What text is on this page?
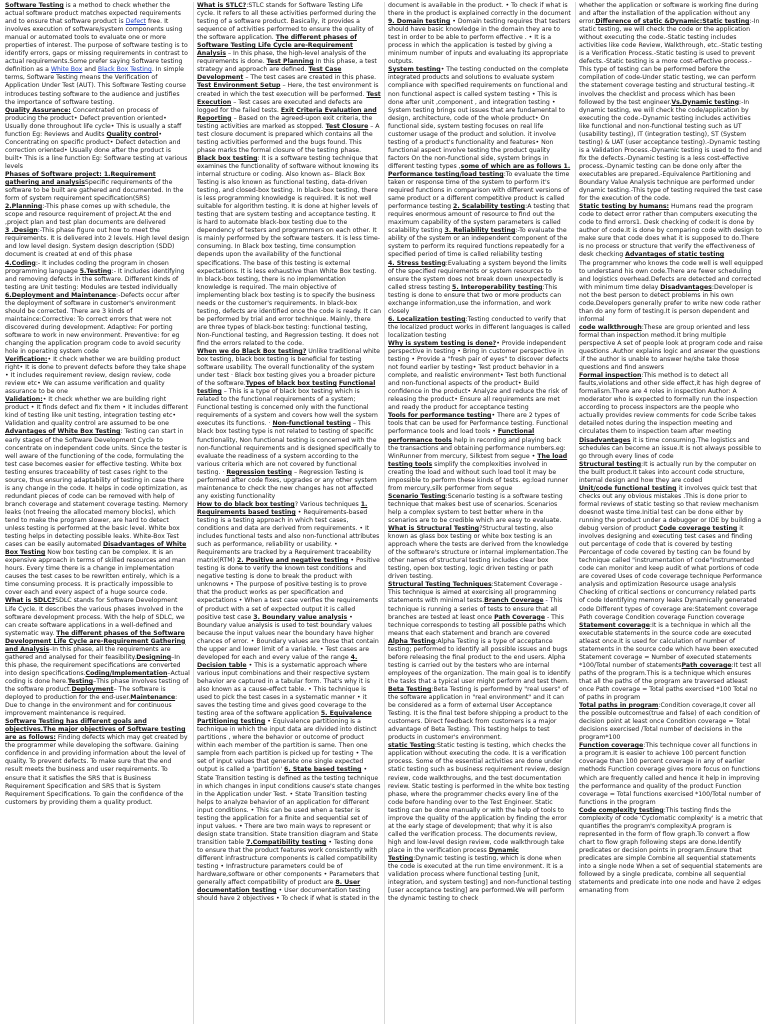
Software Testing is a method to check whether the actual software product matches expected requirements and to ensure that software product is Defect free. It involves execution of software/system components using manual or automated tools to evaluate one or more properties of interest. The purpose of software testing is to identify errors, gaps or missing requirements in contrast to actual requirements.Some prefer saying Software testing definition as a White Box and Black Box Testing. In simple terms, Software Testing means the Verification of Application Under Test (AUT). This Software Testing course introduces testing software to the audience and justifies the importance of software testing.

Quality Assurance: Concentrated on process of producing the product• Defect prevention oriented• Usually done throughout life cycle• This is usually a staff function Eg: Reviews and Audits Quality control• Concentrating on specific product• Defect detection and correction oriented• Usually done after the product is built• This is a line function Eg: Software testing at various levels

Phases of Software project: 1.Requirement gathering and analysisSpecific requirements of the software to be built are gathered and documented. In the form of system requirement specification(SRS) 2.Planning:-This phase comes up with schedule, the scope and resource requirement of project.At the end ,project plan and test plan documents are delivered

3 .Design:-This phase figure out how to meet the requirements. It is delivered into 2 levels. High level design and low level design. System design description (SDD) document is created at end of this phase

4.Coding:- It includes coding the program in chosen programming language 5.Testing:- It includes identifying and removing defects in the software. Different kinds of testing are Unit testing: Modules are tested individually 6.Deployment and Maintenance:-Defects occur after the deployment of software in customer's environment should be corrected. There are 3 kinds of maintaince:Corrective: To correct errors that were not discovered during development. Adaptive: For porting software to work in new environment. Preventive: for eg changing the application program code to avoid security hole in operating system code

Verification:• It check whether we are building product right• It is done to prevent defects before they take shape • It includes requirement review, design review, code review etc• We can assume verification and quality assurance to be one

Validation:• It check whether we are building right product • It finds defect and fix them • It includes different kind of testing like unit testing, integration testing etc• Validation and quality control are assumed to be one

Advantages of White Box Testing: Testing can start in early stages of the Software Development Cycle to concentrate on independent code units. Since the tester is well aware of the functioning of the code, formulating the test case becomes easier for effective testing. White box testing ensures traceability of test cases right to the source, thus ensuring adaptability of testing in case there is any change in the code. It helps in code optimization, as redundant pieces of code can be removed with help of branch coverage and statement coverage testing. Memory leaks (not freeing the allocated memory blocks), which tend to make the program slower, are hard to detect unless testing is performed at the basic level. White box testing helps in detecting possible leaks. White-Box Test cases can be easily automated Disadvantages of White Box Testing Now box testing can be complex. It is an expensive approach in terms of skilled resources and man hours. Every time there is a change in implementation causes the test cases to be rewritten entirely, which is a time consuming process. It is practically impossible to cover each and every aspect of a huge source code.

What is SDLC?SDLC stands for Software Development Life Cycle. It describes the various phases involved in the software development process. With the help of SDLC, we can create software applications in a well-defined and systematic way. The different phases of the Software Development Life Cycle are-Requirement Gathering and Analysis–In this phase, all the requirements are gathered and analysed for their feasibility.Designing–In this phase, the requirement specifications are converted into design specifications.Coding/Implementation–Actual coding is done here.Testing–This phase involves testing of the software product.Deployment– The software is deployed to production for the end-user.Maintenance: Due to change in the environment and for continuous improvement maintenance is required.

Software Testing has different goals and objectives.The major objectives of Software testing are as follows: Finding defects which may get created by the programmer while developing the software. Gaining confidence in and providing information about the level of quality. To prevent defects. To make sure that the end result meets the business and user requirements. To ensure that it satisfies the SRS that is Business Requirement Specification and SRS that is System Requirement Specifications. To gain the confidence of the customers by providing them a quality product.

What is STLC?:STLC stands for Software Testing Life cycle. It refers to all these activities performed during the testing of a software product. Basically, it provides a sequence of activities performed to ensure the quality of the software application. The different phases of Software Testing Life Cycle are-Requirement Analysis – In this phase, the high-level analysis of the requirements is done. Test Planning In this phase, a test strategy and approach are defined. Test Case Development – The test cases are created in this phase. Test Environment Setup – Here, the test environment is created in which the test execution will be performed. Test Execution – Test cases are executed and defects are logged for the failed tests. Exit Criteria Evaluation and Reporting – Based on the agreed-upon exit criteria, the testing activities are marked as stopped. Test Closure – A test closure document is prepared which contains all the testing activities performed and the bugs found. This phase marks the formal closure of the testing phase.

Black box testing: It is a software testing technique that examines the functionality of software without knowing its internal structure or coding. Also known as– Black Box Testing is also known as functional testing, data-driven testing, and closed-box testing. In black-box testing, there is less programming knowledge is required. It is not well suitable for algorithm testing. It is done at higher levels of testing that are system testing and acceptance testing. It is hard to automate black-box testing due to the dependency of testers and programmers on each other. It is mainly performed by the software testers. It is less time-consuming. In Black box testing, time consumption depends upon the availability of the functional specifications. The base of this testing is external expectations. It is less exhaustive than White Box testing. In black-box testing, there is no implementation knowledge is required. The main objective of implementing black box testing is to specify the business needs or the customer's requirements. In black-box testing, defects are identified once the code is ready. It can be performed by trial and error technique. Mainly, there are three types of black-box testing: functional testing, Non-Functional testing, and Regression testing. It does not find the errors related to the code.

When we do Black Box testing? Unlike traditional white box testing, black box testing is beneficial for testing software usability. The overall functionality of the system under test · Black box testing gives you a broader picture of the software.Types of black box testing Functional testing – This is a type of black box testing which is related to the functional requirements of a system; Functional testing is concerned only with the functional requirements of a system and covers how well the system executes its functions. · Non-functional testing – This black box testing type is not related to testing of specific functionality, Non functional testing is concerned with the non-functional requirements and is designed specifically to evaluate the readiness of a system according to the various criteria which are not covered by functional testing. · Regression testing – Regression Testing is performed after code fixes, upgrades or any other system maintenance to check the new changes has not affected any existing functionality

How to do black box testing? Various techniques 1. Requirements based testing • Requirements-based testing is a testing approach in which test cases, conditions and data are derived from requirements. • It includes functional tests and also non-functional attributes such as performance, reliability or usability. • Requirements are tracked by a Requirement traceability matrix(RTM) 2. Positive and negative testing • Positive testing is done to verify the known test conditions and negative testing is done to break the product with unknowns • The purpose of positive testing is to prove that the product works as per specification and expectations • When a test case verifies the requirements of product with a set of expected output it is called positive test case 3. Boundary value analysis • Boundary value analysis is used to test boundary values because the input values near the boundary have higher chances of error. • Boundary values are those that contain the upper and lower limit of a variable. • Test cases are developed for each and every value of the range 4. Decision table • This is a systematic approach where various input combinations and their respective system behavior are captured in a tabular form. That's why it is also known as a cause-effect table. • This technique is used to pick the test cases in a systematic manner • it saves the testing time and gives good coverage to the testing area of the software application 5. Equivalence Partitioning testing • Equivalence partitioning is a technique in which the input data are divided into distinct partitions , where the behavior or outcome of product within each member of the partition is same. Then one sample from each partition is picked up for testing • The set of input values that generate one single expected output is called a 'partition' 6. State based testing • State Transition testing is defined as the testing technique in which changes in input conditions cause's state changes in the Application under Test. • State Transition testing helps to analyze behavior of an application for different input conditions. • This can be used when a tester is testing the application for a finite and sequential set of input values. • There are two main ways to represent or design state transition. State transition diagram and State transition table 7.Compatibility testing • Testing done to ensure that the product features work consistently with different infrastructure components is called compatibility testing • Infrastructure parameters could be of hardware,software or other components • Parameters that generally affect compatibility of product are 8. User documentation testing • User documentation testing should have 2 objectives • To check if what is stated in the

document is available in the product. • To check if what is there in the product is explained correctly in the document 9. Domain testing • Domain testing requires that testers should have basic knowledge in the domain they are to test in order to be able to perform effective . • It is a process in which the application is tested by giving a minimum number of inputs and evaluating its appropriate outputs.

System testing• The testing conducted on the complete integrated products and solutions to evaluate system compliance with specified requirements on functional and non functional aspect is called system testing • This is done after unit ,component , and integration testing • System testing brings out issues that are fundamental to design, architecture, code of the whole product• On functional side, system testing focuses on real life customer usage of the product and solution. it involve testing of a product's functionality and features• Non functional aspect involve testing the product quality factors On the non-functional side, system brings in different testing types ,some of which are as follows 1. Performance testing/load testing:To evaluate the time taken or response time of the system to perform it's required functions in comparison with different versions of same product or a different competitive product is called performance testing 2. Scalability testing:A testing that requires enormous amount of resource to find out the maximum capability of the system parameters is called scalability testing 3. Reliability testing:-To evaluate the ability of the system or an independent component of the system to perform its required functions repeatedly for a specified period of time is called reliability testing

4. Stress testing:Evaluating a system beyond the limits of the specified requirements or system resources to ensure the system does not break down unexpectedly is called stress testing 5. Interoperability testing:This testing is done to ensure that two or more products can exchange information,use the information, and work closely

6. Localization testing:Testing conducted to verify that the localized product works in different languages is called localization testing

Why is system testing is done?• Provide independent perspective in testing • Bring in customer perspective in testing • Provide a "fresh pair of eyes" to discover defects not found earlier by testing• Test product behavior in a complete, and realistic environment• Test both functional and non-functional aspects of the product• Build confidence in the product• Analyze and reduce the risk of releasing the product• Ensure all requirements are met and ready the product for acceptance testing

Tools for performance testing• There are 2 types of tools that can be used for Performance testing. Functional performance tools and load tools • Functional performance tools help in recording and playing back the transactions and obtaining performance numbers.eg: WinRunner from mercury, Silktest from segue • The load testing tools simplify the complexities involved in creating the load and without such load tool it may be impossible to perform these kinds of tests. eg:load runner from mercury,silk performer from segue

Scenario Testing:Scenario testing is a software testing technique that makes best use of scenarios. Scenarios help a complex system to test better where in the scenarios are to be credible which are easy to evaluate.

What is Structural Testing?Structural testing, also known as glass box testing or white box testing is an approach where the tests are derived from the knowledge of the software's structure or internal implementation.The other names of structural testing includes clear box testing, open box testing, logic driven testing or path driven testing.

Structural Testing Techniques:Statement Coverage - This technique is aimed at exercising all programming statements with minimal tests.Branch Coverage - This technique is running a series of tests to ensure that all branches are tested at least once Path Coverage - This technique corresponds to testing all possible paths which means that each statement and branch are covered

Alpha Testing:Alpha Testing is a type of acceptance testing; performed to identify all possible issues and bugs before releasing the final product to the end users. Alpha testing is carried out by the testers who are internal employees of the organization. The main goal is to identify the tasks that a typical user might perform and test them.

Beta Testing:Beta Testing is performed by "real users" of the software application in "real environment" and it can be considered as a form of external User Acceptance Testing. It is the final test before shipping a product to the customers. Direct feedback from customers is a major advantage of Beta Testing. This testing helps to test products in customer's environment.

static Testing:Static testing is testing, which checks the application without executing the code. It is a verification process. Some of the essential activities are done under static testing such as business requirement review, design review, code walkthroughs, and the test documentation review. Static testing is performed in the white box testing phase, where the programmer checks every line of the code before handing over to the Test Engineer. Static testing can be done manually or with the help of tools to improve the quality of the application by finding the error at the early stage of development; that why it is also called the verification process. The documents review, high and low-level design review, code walkthrough take place in the verification process Dynamic Testing:Dynamic testing is testing, which is done when the code is executed at the run time environment. It is a validation process where functional testing [unit, integration, and system testing] and non-functional testing [user acceptance testing] are performed.We will perform the dynamic testing to check

whether the application or software is working fine during and after the installation of the application without any error.Difference of static &Dynamic:Static testing:-In static testing, we will check the code or the application without executing the code.-Static testing includes activities like code Review, Walkthrough, etc.-Static testing is a Verification Process.-Static testing is used to prevent defects.-Static testing is a more cost-effective process.-This type of testing can be performed before the compilation of code-Under static testing, we can perform the statement coverage testing and structural testing.-It involves the checklist and process which has been followed by the test engineer.Vs.Dynamic testing:-In dynamic testing, we will check the code/application by executing the code.-Dynamic testing includes activities like functional and non-functional testing such as UT (usability testing), IT (integration testing), ST (System testing) & UAT (user acceptance testing).-Dynamic testing is a Validation Process.-Dynamic testing is used to find and fix the defects.-Dynamic testing is a less cost-effective process.-Dynamic testing can be done only after the executables are prepared.-Equivalence Partitioning and Boundary Value Analysis technique are performed under dynamic testing.-This type of testing required the test case for the execution of the code.

Static testing by humans: Humans read the program code to detect error rather than computers executing the code to find errors1. Desk checking of code:It is done by author of code.It is done by comparing code with design to make sure that code does what it is supposed to do.There is no process or structure that verify the effectiveness of desk checking Advantages of static testing

The programmer who knows the code well is well equipped to understand his own code.There are fewer scheduling and logistics overhead.Defects are detected and corrected with minimum time delay Disadvantages:Developer is not the best person to detect problems in his own code.Developers generally prefer to write new code rather than do any form of testing.It is person dependent and informal

code walkthrough:These are group oriented and less formal than inspection method.It bring multiple perspective A set of people look at program code and raise questions .Author explains logic and answer the questions .if the author is unable to answer he/she take those questions and find answers

Formal inspection:This method is to detect all faults,violations and other side effect,it has high degree of formalism.There are 4 roles in inspection Author: A moderator who is expected to formally run the inspection according to process inspectors are the people who actually provides review comments for code Scribe takes detailed notes during the inspection meeting and circulates them to inspection team after meeting Disadvantages it is time consuming.The logistics and schedules can become an issue.It is not always possible to go through every lines of code

Structural testing:It is actually run by the computer on the built product.It takes into account code structure, internal design and how they are coded

Unit/code functional testing it involves quick test that checks out any obvious mistakes .This is done prior to formal reviews of static testing so that review mechanism doesnot waste time.Initial test can be done either by running the product under a debugger or IDE by building a debug version of product Code coverage testing it involves designing and executing test cases and finding out percentage of code that is covered by testing Percentage of code covered by testing can be found by technique called "instrumentation of code"Instrumented code can monitor and keep audit of what portions of code are covered Uses of code coverage technique Performance analysis and optimization Resource usage analysis Checking of critical sections or concurrency related parts of code Identifying memory leaks Dynamically generated code Different types of coverage are:Statement coverage Path coverage Condition coverage Function coverage

Statement coverage:It is a technique in which all the executable statements in the source code are executed atleast once.It is used for calculation of number of statements in the source code which have been executed Statement coverage = Number of executed statements *100/Total number of statementsPath coverage:It test all paths of the program.This is a technique which ensures that all the paths of the program are traversed atleast once Path coverage = Total paths exercised *100 Total no of paths in program

Total paths in program:Condition coverage,It cover all the possible outcomes(true and false) of each condition of decision point at least once Condition coverage = Total decisions exercised /Total number of decisions in the program*100

Function coverage:This technique cover all functions in a program.It is easier to achieve 100 percent function coverage than 100 percent coverage in any of earlier methods Function coverage gives more focus on functions which are frequently called and hence it help in improving the performance and quality of the product Function coverage = Total functions exercised *100/Total number of functions in the program

Code complexity testing:This testing finds the complexity of code 'Cyclomatic complexity' is a metric that quantifies the program's complexity.A program is represented in the form of flow graph.To convert a flow chart to flow graph following steps are done.Identify predicates or decision points in program.Ensure that predicates are simple Combine all sequential statements into a single node When a set of sequential statements are followed by a single predicate, combine all sequential statements and predicate into one node and have 2 edges emanating from
